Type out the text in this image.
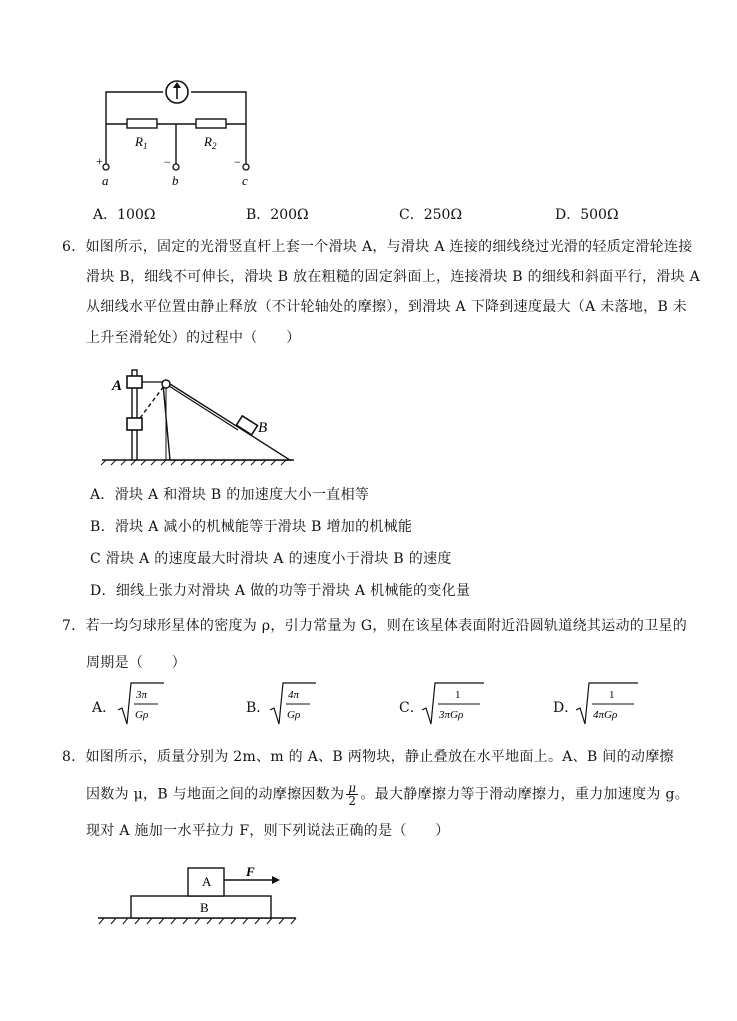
$R_1$	$R_2$
+	−	−
a	b	c
A．100Ω	B．200Ω	C．250Ω	D．500Ω
6．如图所示，固定的光滑竖直杆上套一个滑块 A，与滑块 A 连接的细线绕过光滑的轻质定滑轮连接
滑块 B，细线不可伸长，滑块 B 放在粗糙的固定斜面上，连接滑块 B 的细线和斜面平行，滑块 A
从细线水平位置由静止释放（不计轮轴处的摩擦），到滑块 A 下降到速度最大（A 未落地，B 未
上升至滑轮处）的过程中（　　）
A
B
A．滑块 A 和滑块 B 的加速度大小一直相等
B．滑块 A 减小的机械能等于滑块 B 增加的机械能
C 滑块 A 的速度最大时滑块 A 的速度小于滑块 B 的速度
D．细线上张力对滑块 A 做的功等于滑块 A 机械能的变化量
7．若一均匀球形星体的密度为 ρ，引力常量为 G，则在该星体表面附近沿圆轨道绕其运动的卫星的
周期是（　　）
A．
3π
Gρ	B．
4π
Gρ	C．
1
3πGρ	D．
1
4πGρ
8．如图所示，质量分别为 2m、m 的 A、B 两物块，静止叠放在水平地面上。A、B 间的动摩擦
因数为 μ，B 与地面之间的动摩擦因数为 $\frac{\mu}{2}$ 。最大静摩擦力等于滑动摩擦力，重力加速度为 g。
现对 A 施加一水平拉力 F，则下列说法正确的是（　　）
A
B
F
